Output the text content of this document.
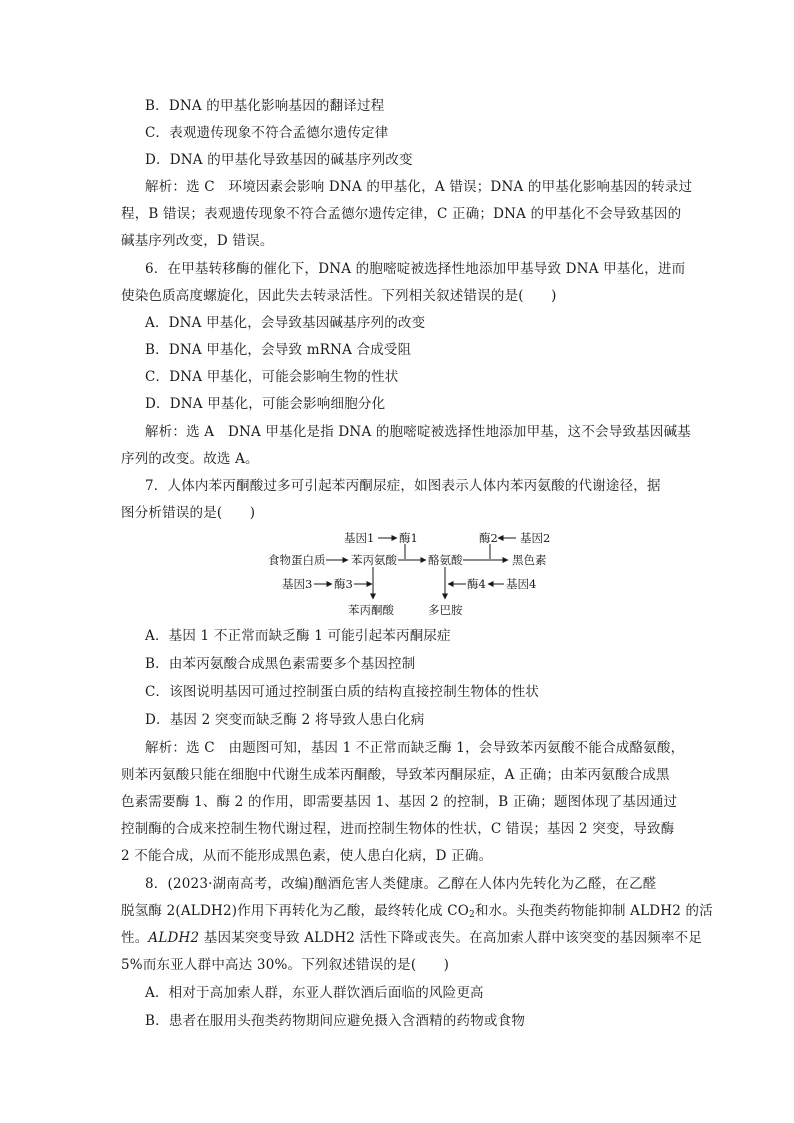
B．DNA 的甲基化影响基因的翻译过程
C．表观遗传现象不符合孟德尔遗传定律
D．DNA 的甲基化导致基因的碱基序列改变
解析：选 C　环境因素会影响 DNA 的甲基化，A 错误；DNA 的甲基化影响基因的转录过
程，B 错误；表观遗传现象不符合孟德尔遗传定律，C 正确；DNA 的甲基化不会导致基因的
碱基序列改变，D 错误。
6．在甲基转移酶的催化下，DNA 的胞嘧啶被选择性地添加甲基导致 DNA 甲基化，进而
使染色质高度螺旋化，因此失去转录活性。下列相关叙述错误的是(　　)
A．DNA 甲基化，会导致基因碱基序列的改变
B．DNA 甲基化，会导致 mRNA 合成受阻
C．DNA 甲基化，可能会影响生物的性状
D．DNA 甲基化，可能会影响细胞分化
解析：选 A　DNA 甲基化是指 DNA 的胞嘧啶被选择性地添加甲基，这不会导致基因碱基
序列的改变。故选 A。
7．人体内苯丙酮酸过多可引起苯丙酮尿症，如图表示人体内苯丙氨酸的代谢途径，据
图分析错误的是(　　)
基因1 酶1	酶2 基因2
食物蛋白质 苯丙氨酸	酪氨酸	黑色素
基因3 酶3	酶4 基因4
苯丙酮酸	多巴胺
A．基因 1 不正常而缺乏酶 1 可能引起苯丙酮尿症
B．由苯丙氨酸合成黑色素需要多个基因控制
C．该图说明基因可通过控制蛋白质的结构直接控制生物体的性状
D．基因 2 突变而缺乏酶 2 将导致人患白化病
解析：选 C　由题图可知，基因 1 不正常而缺乏酶 1，会导致苯丙氨酸不能合成酪氨酸，
则苯丙氨酸只能在细胞中代谢生成苯丙酮酸，导致苯丙酮尿症，A 正确；由苯丙氨酸合成黑
色素需要酶 1、酶 2 的作用，即需要基因 1、基因 2 的控制，B 正确；题图体现了基因通过
控制酶的合成来控制生物代谢过程，进而控制生物体的性状，C 错误；基因 2 突变，导致酶
2 不能合成，从而不能形成黑色素，使人患白化病，D 正确。
8．(2023·湖南高考，改编)酗酒危害人类健康。乙醇在人体内先转化为乙醛，在乙醛
脱氢酶 2(ALDH2)作用下再转化为乙酸，最终转化成 $CO_2$和水。头孢类药物能抑制 ALDH2 的活
性。ALDH2 基因某突变导致 ALDH2 活性下降或丧失。在高加索人群中该突变的基因频率不足
5%而东亚人群中高达 30%。下列叙述错误的是(　　)
A．相对于高加索人群，东亚人群饮酒后面临的风险更高
B．患者在服用头孢类药物期间应避免摄入含酒精的药物或食物
